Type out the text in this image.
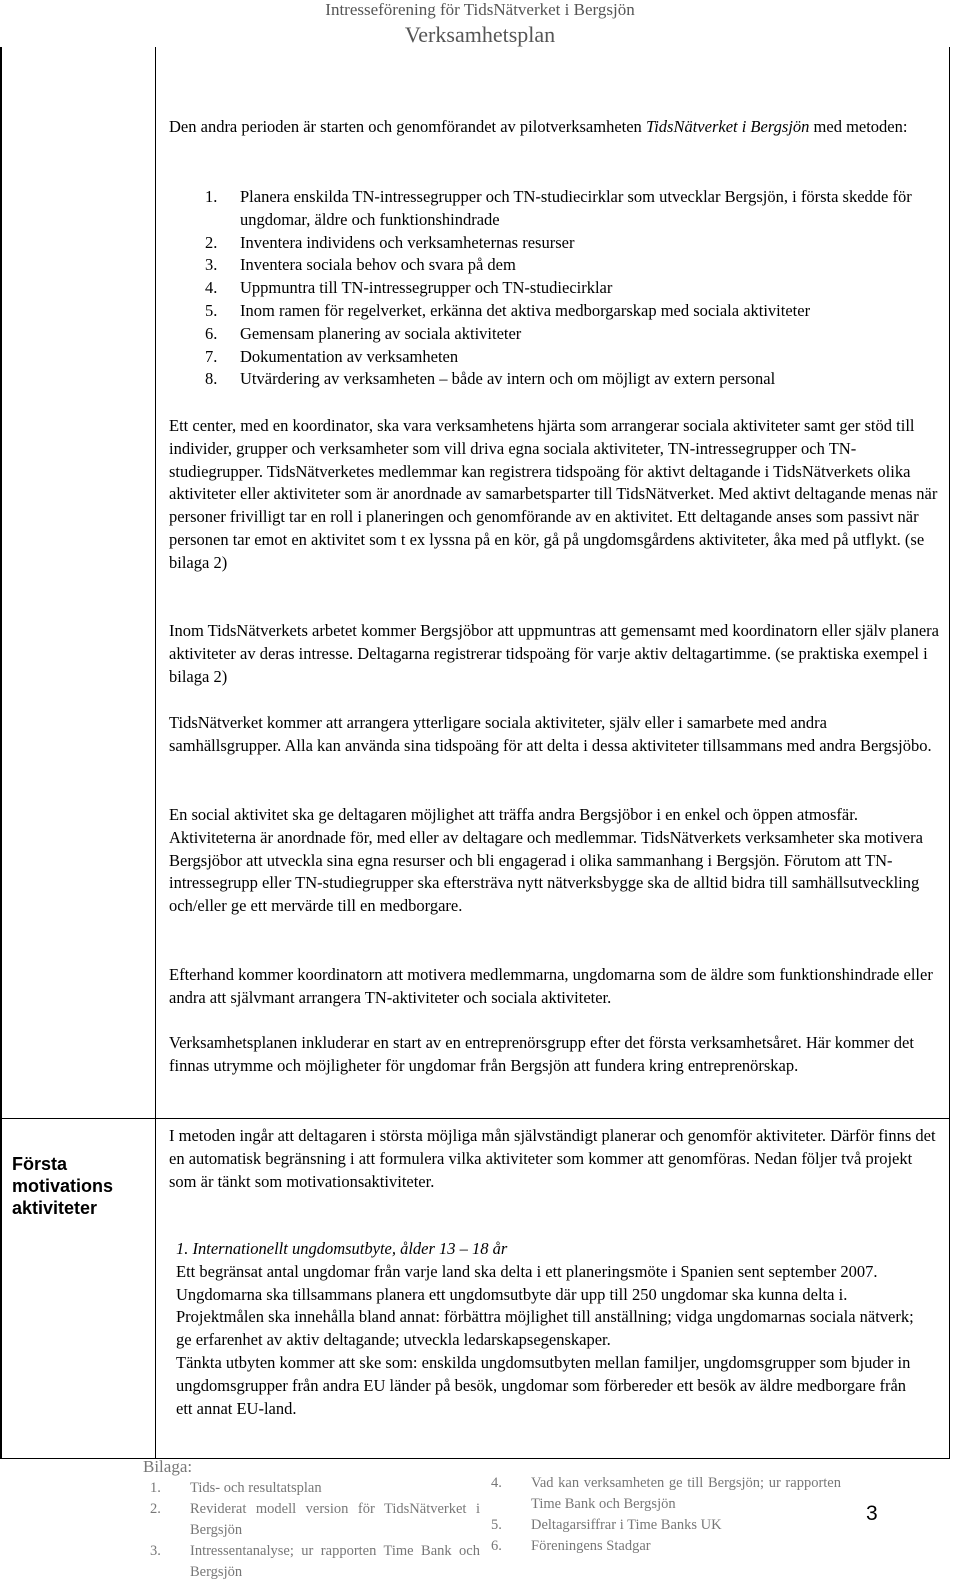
Intresseförening för TidsNätverket i Bergsjön
Verksamhetsplan

Den andra perioden är starten och genomförandet av pilotverksamheten TidsNätverket i Bergsjön med metoden:

1. Planera enskilda TN-intressegrupper och TN-studiecirklar som utvecklar Bergsjön, i första skedde för ungdomar, äldre och funktionshindrade
2. Inventera individens och verksamheternas resurser
3. Inventera sociala behov och svara på dem
4. Uppmuntra till TN-intressegrupper och TN-studiecirklar
5. Inom ramen för regelverket, erkänna det aktiva medborgarskap med sociala aktiviteter
6. Gemensam planering av sociala aktiviteter
7. Dokumentation av verksamheten
8. Utvärdering av verksamheten – både av intern och om möjligt av extern personal

Ett center, med en koordinator, ska vara verksamhetens hjärta som arrangerar sociala aktiviteter samt ger stöd till individer, grupper och verksamheter som vill driva egna sociala aktiviteter, TN-intressegrupper och TN-studiegrupper. TidsNätverketes medlemmar kan registrera tidspoäng för aktivt deltagande i TidsNätverkets olika aktiviteter eller aktiviteter som är anordnade av samarbetsparter till TidsNätverket. Med aktivt deltagande menas när personer frivilligt tar en roll i planeringen och genomförande av en aktivitet. Ett deltagande anses som passivt när personen tar emot en aktivitet som t ex lyssna på en kör, gå på ungdomsgårdens aktiviteter, åka med på utflykt. (se bilaga 2)

Inom TidsNätverkets arbetet kommer Bergsjöbor att uppmuntras att gemensamt med koordinatorn eller själv planera aktiviteter av deras intresse. Deltagarna registrerar tidspoäng för varje aktiv deltagartimme. (se praktiska exempel i bilaga 2)

TidsNätverket kommer att arrangera ytterligare sociala aktiviteter, själv eller i samarbete med andra samhällsgrupper. Alla kan använda sina tidspoäng för att delta i dessa aktiviteter tillsammans med andra Bergsjöbo.

En social aktivitet ska ge deltagaren möjlighet att träffa andra Bergsjöbor i en enkel och öppen atmosfär. Aktiviteterna är anordnade för, med eller av deltagare och medlemmar. TidsNätverkets verksamheter ska motivera Bergsjöbor att utveckla sina egna resurser och bli engagerad i olika sammanhang i Bergsjön. Förutom att TN-intressegrupp eller TN-studiegrupper ska eftersträva nytt nätverksbygge ska de alltid bidra till samhällsutveckling och/eller ge ett mervärde till en medborgare.

Efterhand kommer koordinatorn att motivera medlemmarna, ungdomarna som de äldre som funktionshindrade eller andra att självmant arrangera TN-aktiviteter och sociala aktiviteter.

Verksamhetsplanen inkluderar en start av en entreprenörsgrupp efter det första verksamhetsåret. Här kommer det finnas utrymme och möjligheter för ungdomar från Bergsjön att fundera kring entreprenörskap.

I metoden ingår att deltagaren i största möjliga mån självständigt planerar och genomför aktiviteter. Därför finns det en automatisk begränsning i att formulera vilka aktiviteter som kommer att genomföras. Nedan följer två projekt som är tänkt som motivationsaktiviteter.

Första motivations aktiviteter

1. Internationellt ungdomsutbyte, ålder 13 – 18 år

Ett begränsat antal ungdomar från varje land ska delta i ett planeringsmöte i Spanien sent september 2007. Ungdomarna ska tillsammans planera ett ungdomsutbyte där upp till 250 ungdomar ska kunna delta i. Projektmålen ska innehålla bland annat: förbättra möjlighet till anställning; vidga ungdomarnas sociala nätverk; ge erfarenhet av aktiv deltagande; utveckla ledarskapsegenskaper.

Tänkta utbyten kommer att ske som: enskilda ungdomsutbyten mellan familjer, ungdomsgrupper som bjuder in ungdomsgrupper från andra EU länder på besök, ungdomar som förbereder ett besök av äldre medborgare från ett annat EU-land.

Bilaga:
1. Tids- och resultatsplan
2. Reviderat modell version för TidsNätverket i Bergsjön
3. Intressentanalyse; ur rapporten Time Bank och Bergsjön
4. Vad kan verksamheten ge till Bergsjön; ur rapporten Time Bank och Bergsjön
5. Deltagarsiffrar i Time Banks UK
6. Föreningens Stadgar
3
